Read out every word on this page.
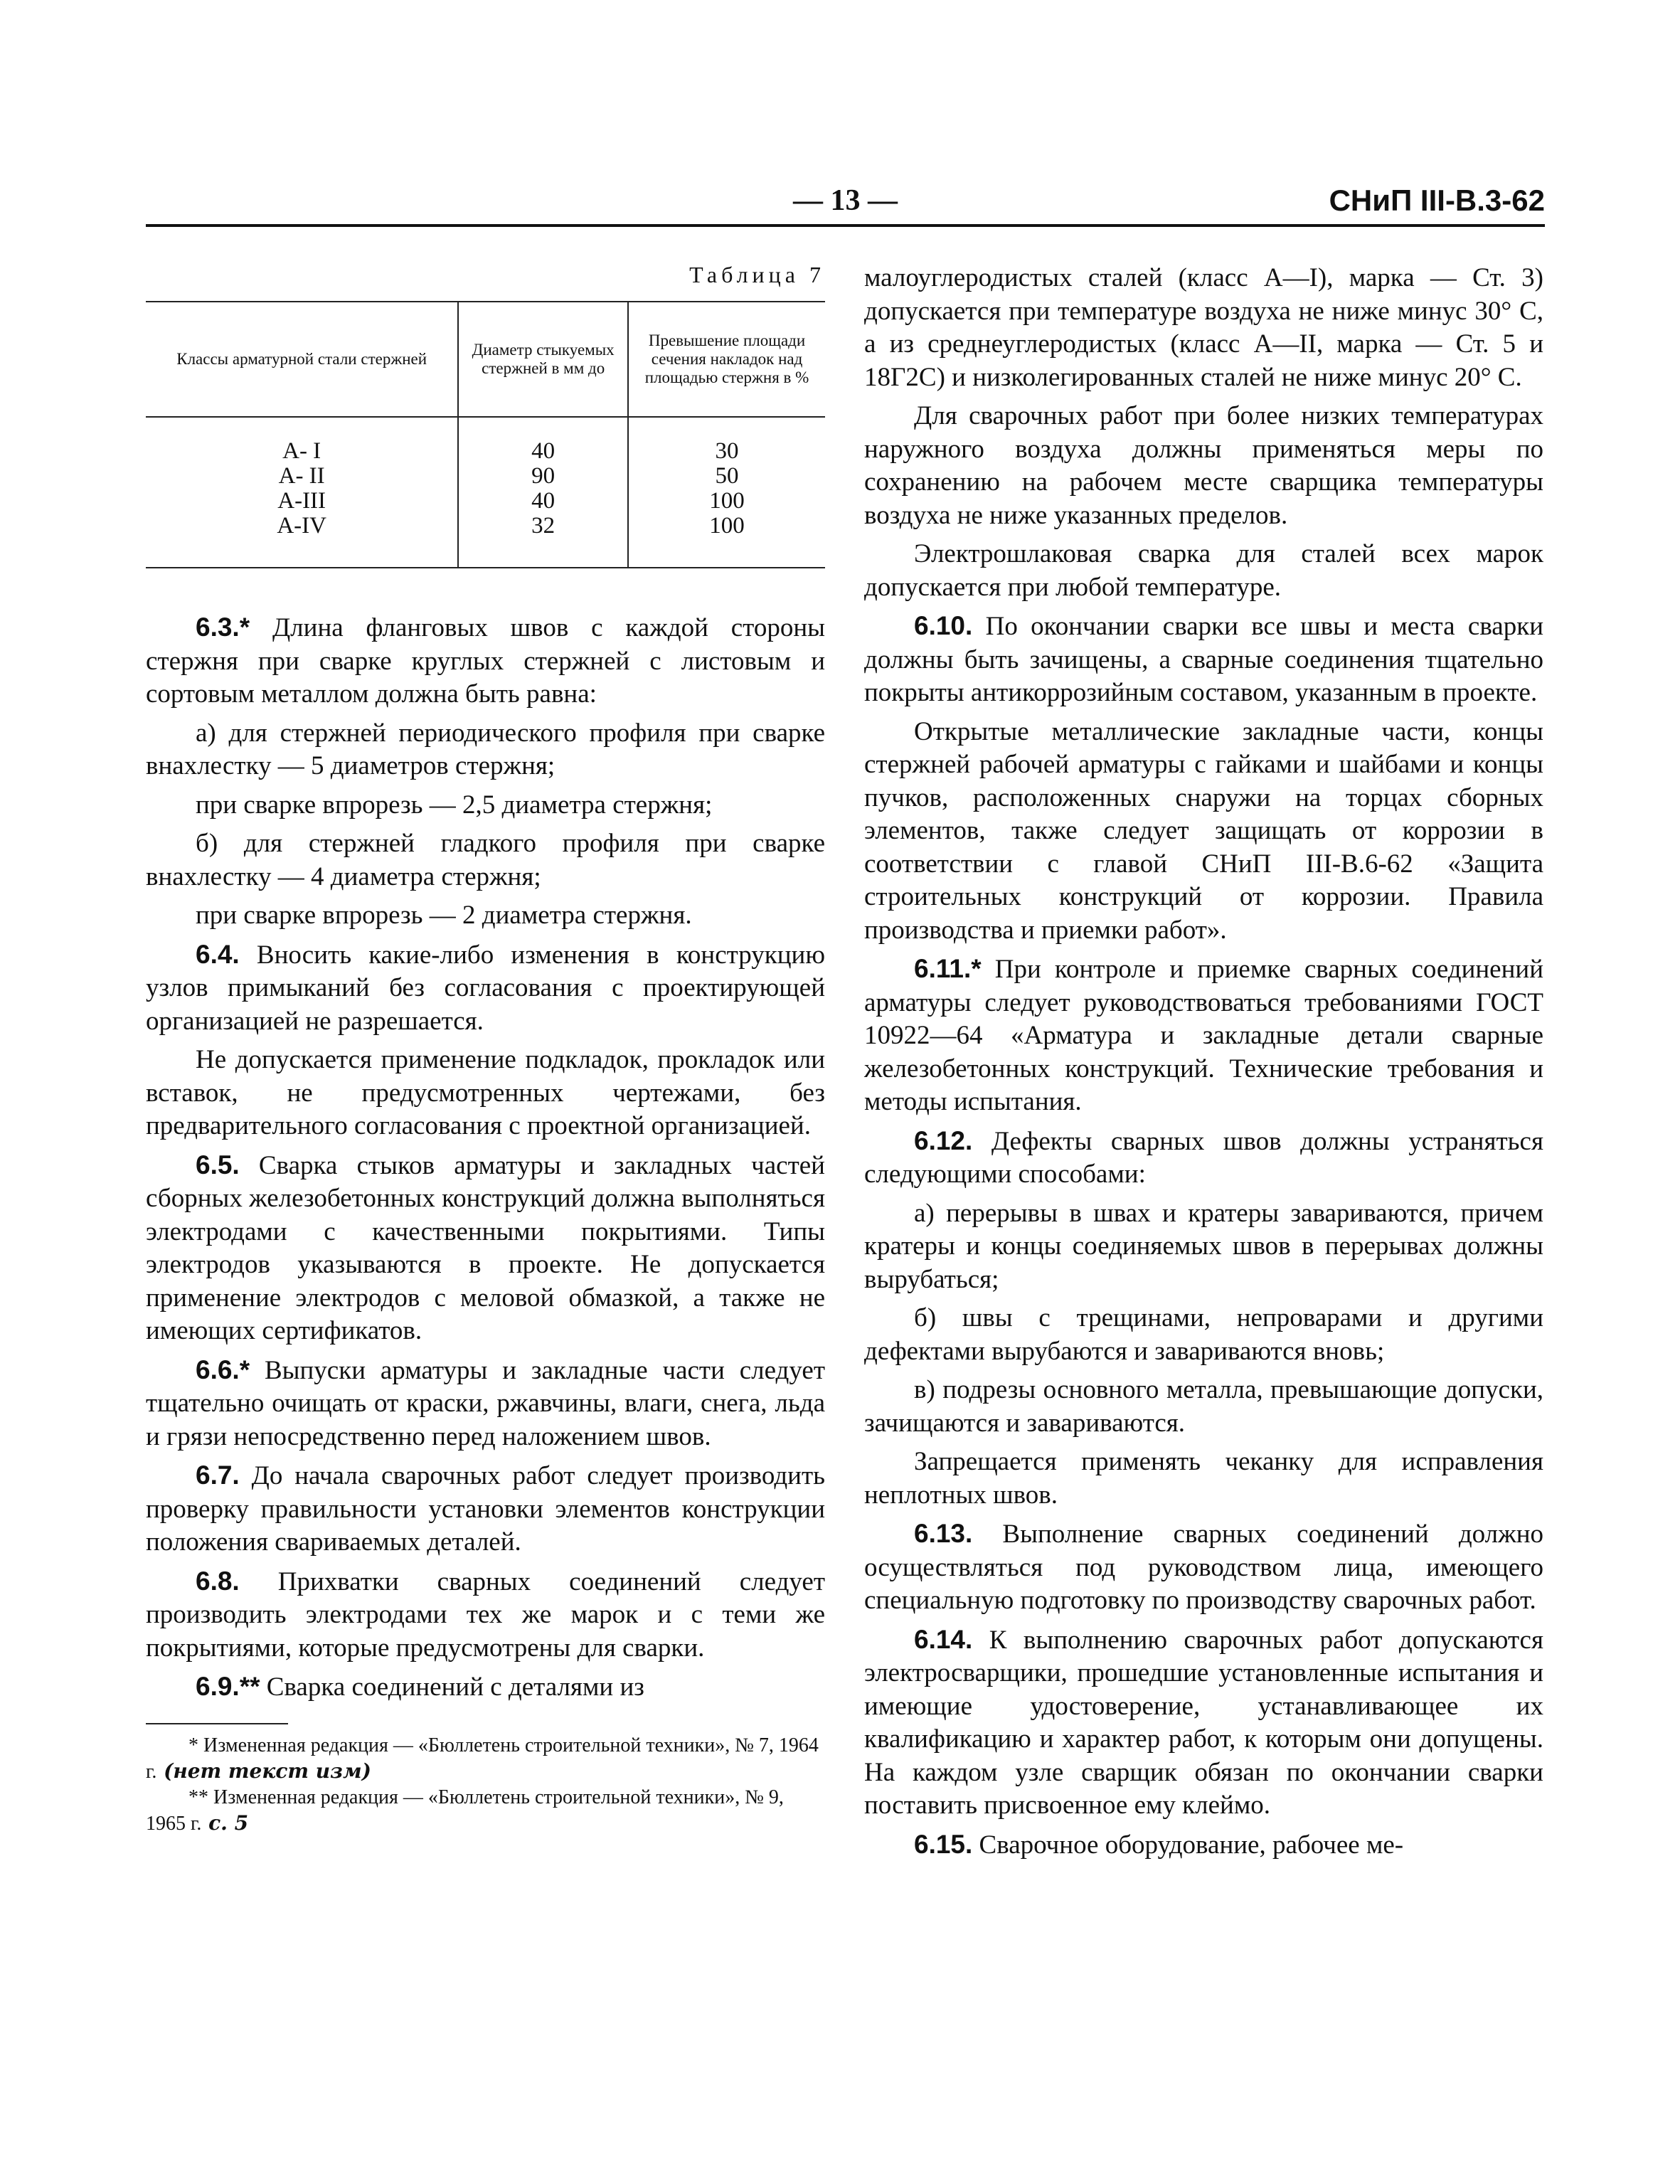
— 13 —	СНиП III-В.3-62
Таблица 7
Классы арматурной стали стержней	Диаметр стыкуемых стержней в мм до	Превышение площади сечения накладок над площадью стержня в %
A- I	40	30
A- II	90	50
A-III	40	100
A-IV	32	100

6.3.* Длина фланговых швов с каждой стороны стержня при сварке круглых стержней с листовым и сортовым металлом должна быть равна:

а) для стержней периодического профиля при сварке внахлестку — 5 диаметров стержня;

при сварке впрорезь — 2,5 диаметра стержня;

б) для стержней гладкого профиля при сварке внахлестку — 4 диаметра стержня;

при сварке впрорезь — 2 диаметра стержня.

6.4. Вносить какие-либо изменения в конструкцию узлов примыканий без согласования с проектирующей организацией не разрешается.

Не допускается применение подкладок, прокладок или вставок, не предусмотренных чертежами, без предварительного согласования с проектной организацией.

6.5. Сварка стыков арматуры и закладных частей сборных железобетонных конструкций должна выполняться электродами с качественными покрытиями. Типы электродов указываются в проекте. Не допускается применение электродов с меловой обмазкой, а также не имеющих сертификатов.

6.6.* Выпуски арматуры и закладные части следует тщательно очищать от краски, ржавчины, влаги, снега, льда и грязи непосредственно перед наложением швов.

6.7. До начала сварочных работ следует производить проверку правильности установки элементов конструкции положения свариваемых деталей.

6.8. Прихватки сварных соединений следует производить электродами тех же марок и с теми же покрытиями, которые предусмотрены для сварки.

6.9.** Сварка соединений с деталями из

* Измененная редакция — «Бюллетень строительной техники», № 7, 1964 г. (нет текст изм)

** Измененная редакция — «Бюллетень строительной техники», № 9, 1965 г. с. 5

малоуглеродистых сталей (класс А—I), марка — Ст. 3) допускается при температуре воздуха не ниже минус 30° С, а из среднеуглеродистых (класс А—II, марка — Ст. 5 и 18Г2С) и низколегированных сталей не ниже минус 20° С.

Для сварочных работ при более низких температурах наружного воздуха должны применяться меры по сохранению на рабочем месте сварщика температуры воздуха не ниже указанных пределов.

Электрошлаковая сварка для сталей всех марок допускается при любой температуре.

6.10. По окончании сварки все швы и места сварки должны быть зачищены, а сварные соединения тщательно покрыты антикоррозийным составом, указанным в проекте.

Открытые металлические закладные части, концы стержней рабочей арматуры с гайками и шайбами и концы пучков, расположенных снаружи на торцах сборных элементов, также следует защищать от коррозии в соответствии с главой СНиП III-В.6-62 «Защита строительных конструкций от коррозии. Правила производства и приемки работ».

6.11.* При контроле и приемке сварных соединений арматуры следует руководствоваться требованиями ГОСТ 10922—64 «Арматура и закладные детали сварные железобетонных конструкций. Технические требования и методы испытания.

6.12. Дефекты сварных швов должны устраняться следующими способами:

а) перерывы в швах и кратеры завариваются, причем кратеры и концы соединяемых швов в перерывах должны вырубаться;

б) швы с трещинами, непроварами и другими дефектами вырубаются и завариваются вновь;

в) подрезы основного металла, превышающие допуски, зачищаются и завариваются.

Запрещается применять чеканку для исправления неплотных швов.

6.13. Выполнение сварных соединений должно осуществляться под руководством лица, имеющего специальную подготовку по производству сварочных работ.

6.14. К выполнению сварочных работ допускаются электросварщики, прошедшие установленные испытания и имеющие удостоверение, устанавливающее их квалификацию и характер работ, к которым они допущены. На каждом узле сварщик обязан по окончании сварки поставить присвоенное ему клеймо.

6.15. Сварочное оборудование, рабочее ме-
